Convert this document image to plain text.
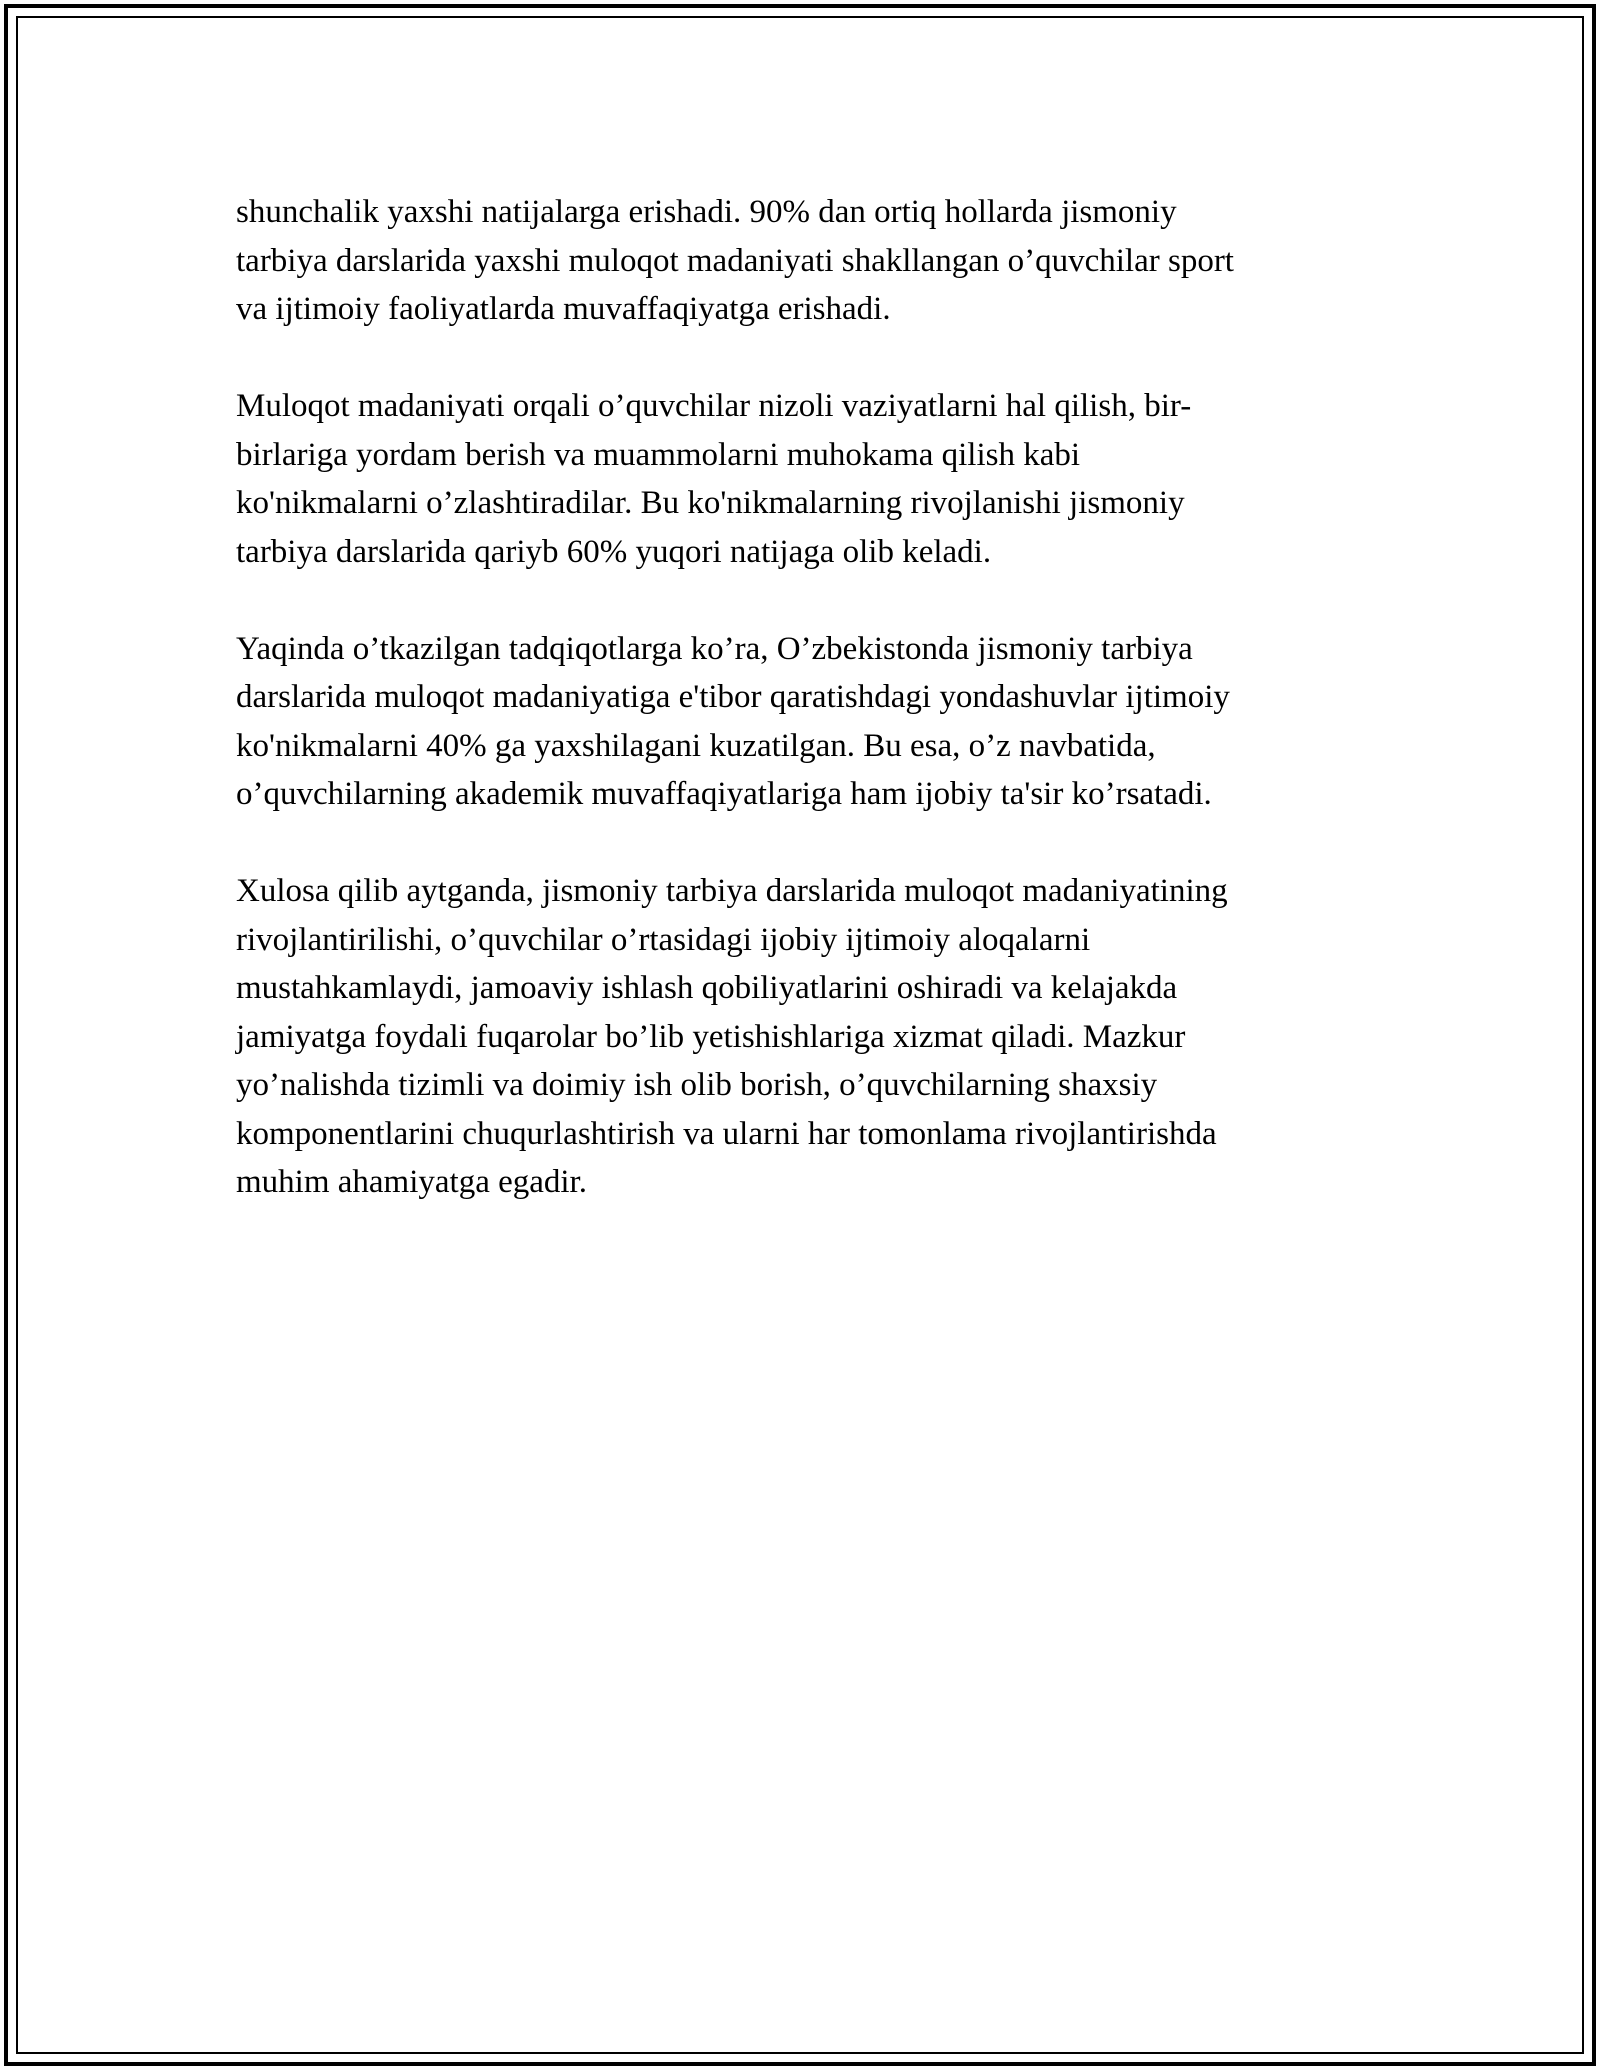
shunchalik yaxshi natijalarga erishadi. 90% dan ortiq hollarda jismoniy
tarbiya darslarida yaxshi muloqot madaniyati shakllangan o’quvchilar sport
va ijtimoiy faoliyatlarda muvaffaqiyatga erishadi.

Muloqot madaniyati orqali o’quvchilar nizoli vaziyatlarni hal qilish, bir-
birlariga yordam berish va muammolarni muhokama qilish kabi
ko'nikmalarni o’zlashtiradilar. Bu ko'nikmalarning rivojlanishi jismoniy
tarbiya darslarida qariyb 60% yuqori natijaga olib keladi.

Yaqinda o’tkazilgan tadqiqotlarga ko’ra, O’zbekistonda jismoniy tarbiya
darslarida muloqot madaniyatiga e'tibor qaratishdagi yondashuvlar ijtimoiy
ko'nikmalarni 40% ga yaxshilagani kuzatilgan. Bu esa, o’z navbatida,
o’quvchilarning akademik muvaffaqiyatlariga ham ijobiy ta'sir ko’rsatadi.

Xulosa qilib aytganda, jismoniy tarbiya darslarida muloqot madaniyatining
rivojlantirilishi, o’quvchilar o’rtasidagi ijobiy ijtimoiy aloqalarni
mustahkamlaydi, jamoaviy ishlash qobiliyatlarini oshiradi va kelajakda
jamiyatga foydali fuqarolar bo’lib yetishishlariga xizmat qiladi. Mazkur
yo’nalishda tizimli va doimiy ish olib borish, o’quvchilarning shaxsiy
komponentlarini chuqurlashtirish va ularni har tomonlama rivojlantirishda
muhim ahamiyatga egadir.
